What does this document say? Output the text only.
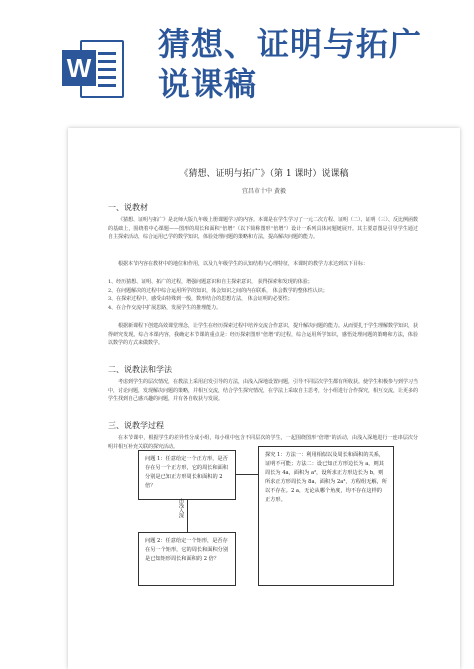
W
猜想、证明与拓广
说课稿
《猜想、证明与拓广》（第 1 课时）说课稿
宜昌市十中 黄毅
一、说教材
《猜想、证明与拓广》是北师大版九年级上册课题学习的内容。本课是在学生学习了一元二次方程、证明（二）、证明（三）、反比例函数的基础上，围绕着中心课题——图形的周长和面积“倍增”（以下简称图形“倍增”）设计一系列具体问题链展开。其主要意图是引导学生通过自主探索活动，综合运用已学的数学知识，体验处理问题的策略和方法，提高解决问题的能力。
根据本节内容在教材中的地位和作用，以及九年级学生的认知结构与心理特征，本课时的教学力求达到以下目标：
1、经历猜想、证明、拓广的过程，增强问题意识和自主探索意识， 获得探索和发现的体验；
2、在问题解决的过程中综合运用所学的知识，体会知识之间的内在联系， 体会数学的整体性认识；
3、在探索过程中，感受由特殊到一般，数形结合的思想方法， 体会证明的必要性；
4、在合作交流中扩展思路，发展学生的推理能力。
根据新课程下创建高效课堂理念，让学生在经历探索过程中培养交流合作意识，提升解决问题的能力。从而要扎于学生理解数学知识，获得研究发现。综合本课内容，我确定本节课的重点是：经历探索图形“倍增”的过程，综合运用所学知识，感悟处理问题的策略和方法，体验以数学的方式来做数学。
二、说教法和学法
考虑到学生的层次情况，在教法上采用启发引导的方法，由浅入深地设置问题，引导不同层次学生都有所收获。使学生积极参与到学习当中，讨论问题，发现解决问题的策略，并相互交流，结合学生探究情况，在学法上采取自主思考，分小组进行合作探究，相互交流，让更多的学生找到自己感兴趣的问题，并有各自收获与发展。
三、说教学过程
在本节课中，根据学生的差异性分成小组，每小组中包含不同层次的学生，一起围绕图形“倍增”的活动，由浅入深地进行一连串层次分明并相互补充关联的探究活动。
问题 1：任意给定一个正方形，是否存在另一个正方形，它的周长和面积分别是已知正方形周长和面积的 2 倍？
由浅入深
问题 2：任意给定一个矩形，是否存在另一个矩形，它的周长和面积分别是已知矩形周长和面积的 2 倍？
探究 1：方法一：利用相似以及周长和面积的关系，证明不可能；方法二：设已知正方形边长为 a，则其周长为 4a，面积为 a²，设所求正方形边长为 b，则所求正方形周长为 8a，面积为 2a²，方程组无解，所以不存在。2 a，无论从哪个角度，均不存在这样的正方形。
